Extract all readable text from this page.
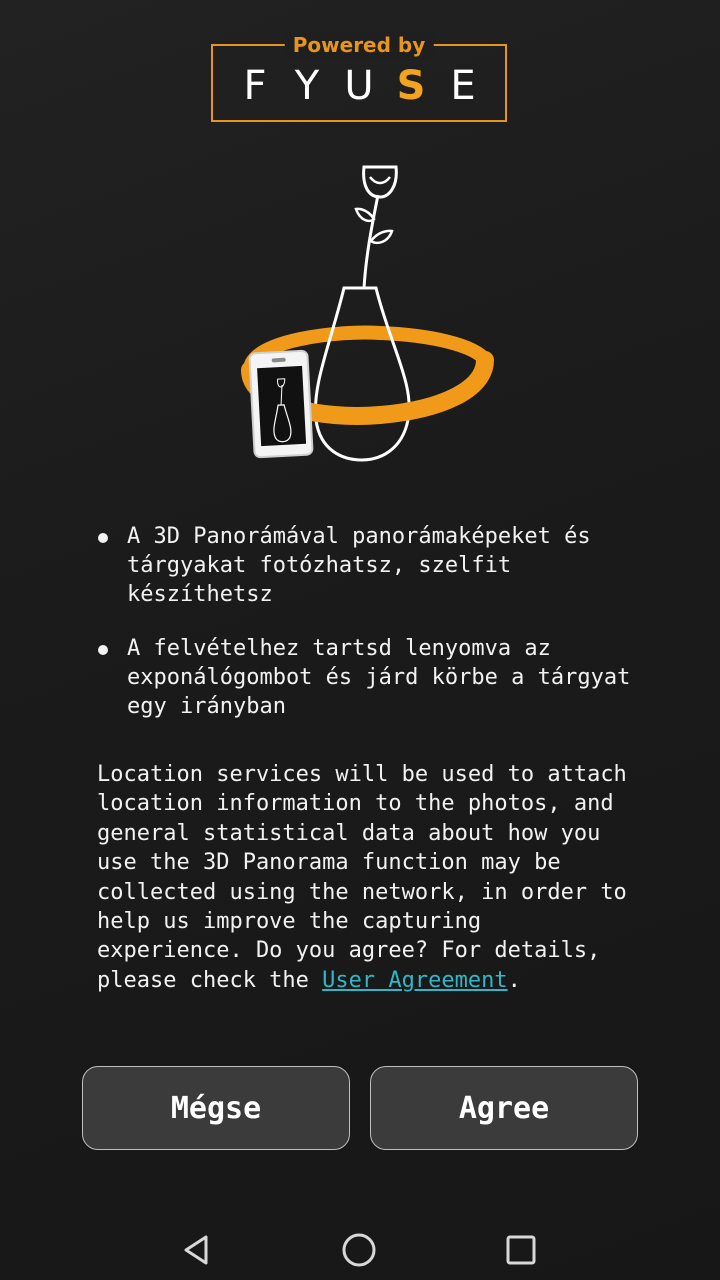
Powered by
F Y U S E
A 3D Panorámával panorámaképeket és tárgyakat fotózhatsz, szelfit készíthetsz
A felvételhez tartsd lenyomva az exponálógombot és járd körbe a tárgyat egy irányban

Location services will be used to attach location information to the photos, and general statistical data about how you use the 3D Panorama function may be collected using the network, in order to help us improve the capturing experience. Do you agree? For details, please check the User Agreement.

Mégse	Agree
